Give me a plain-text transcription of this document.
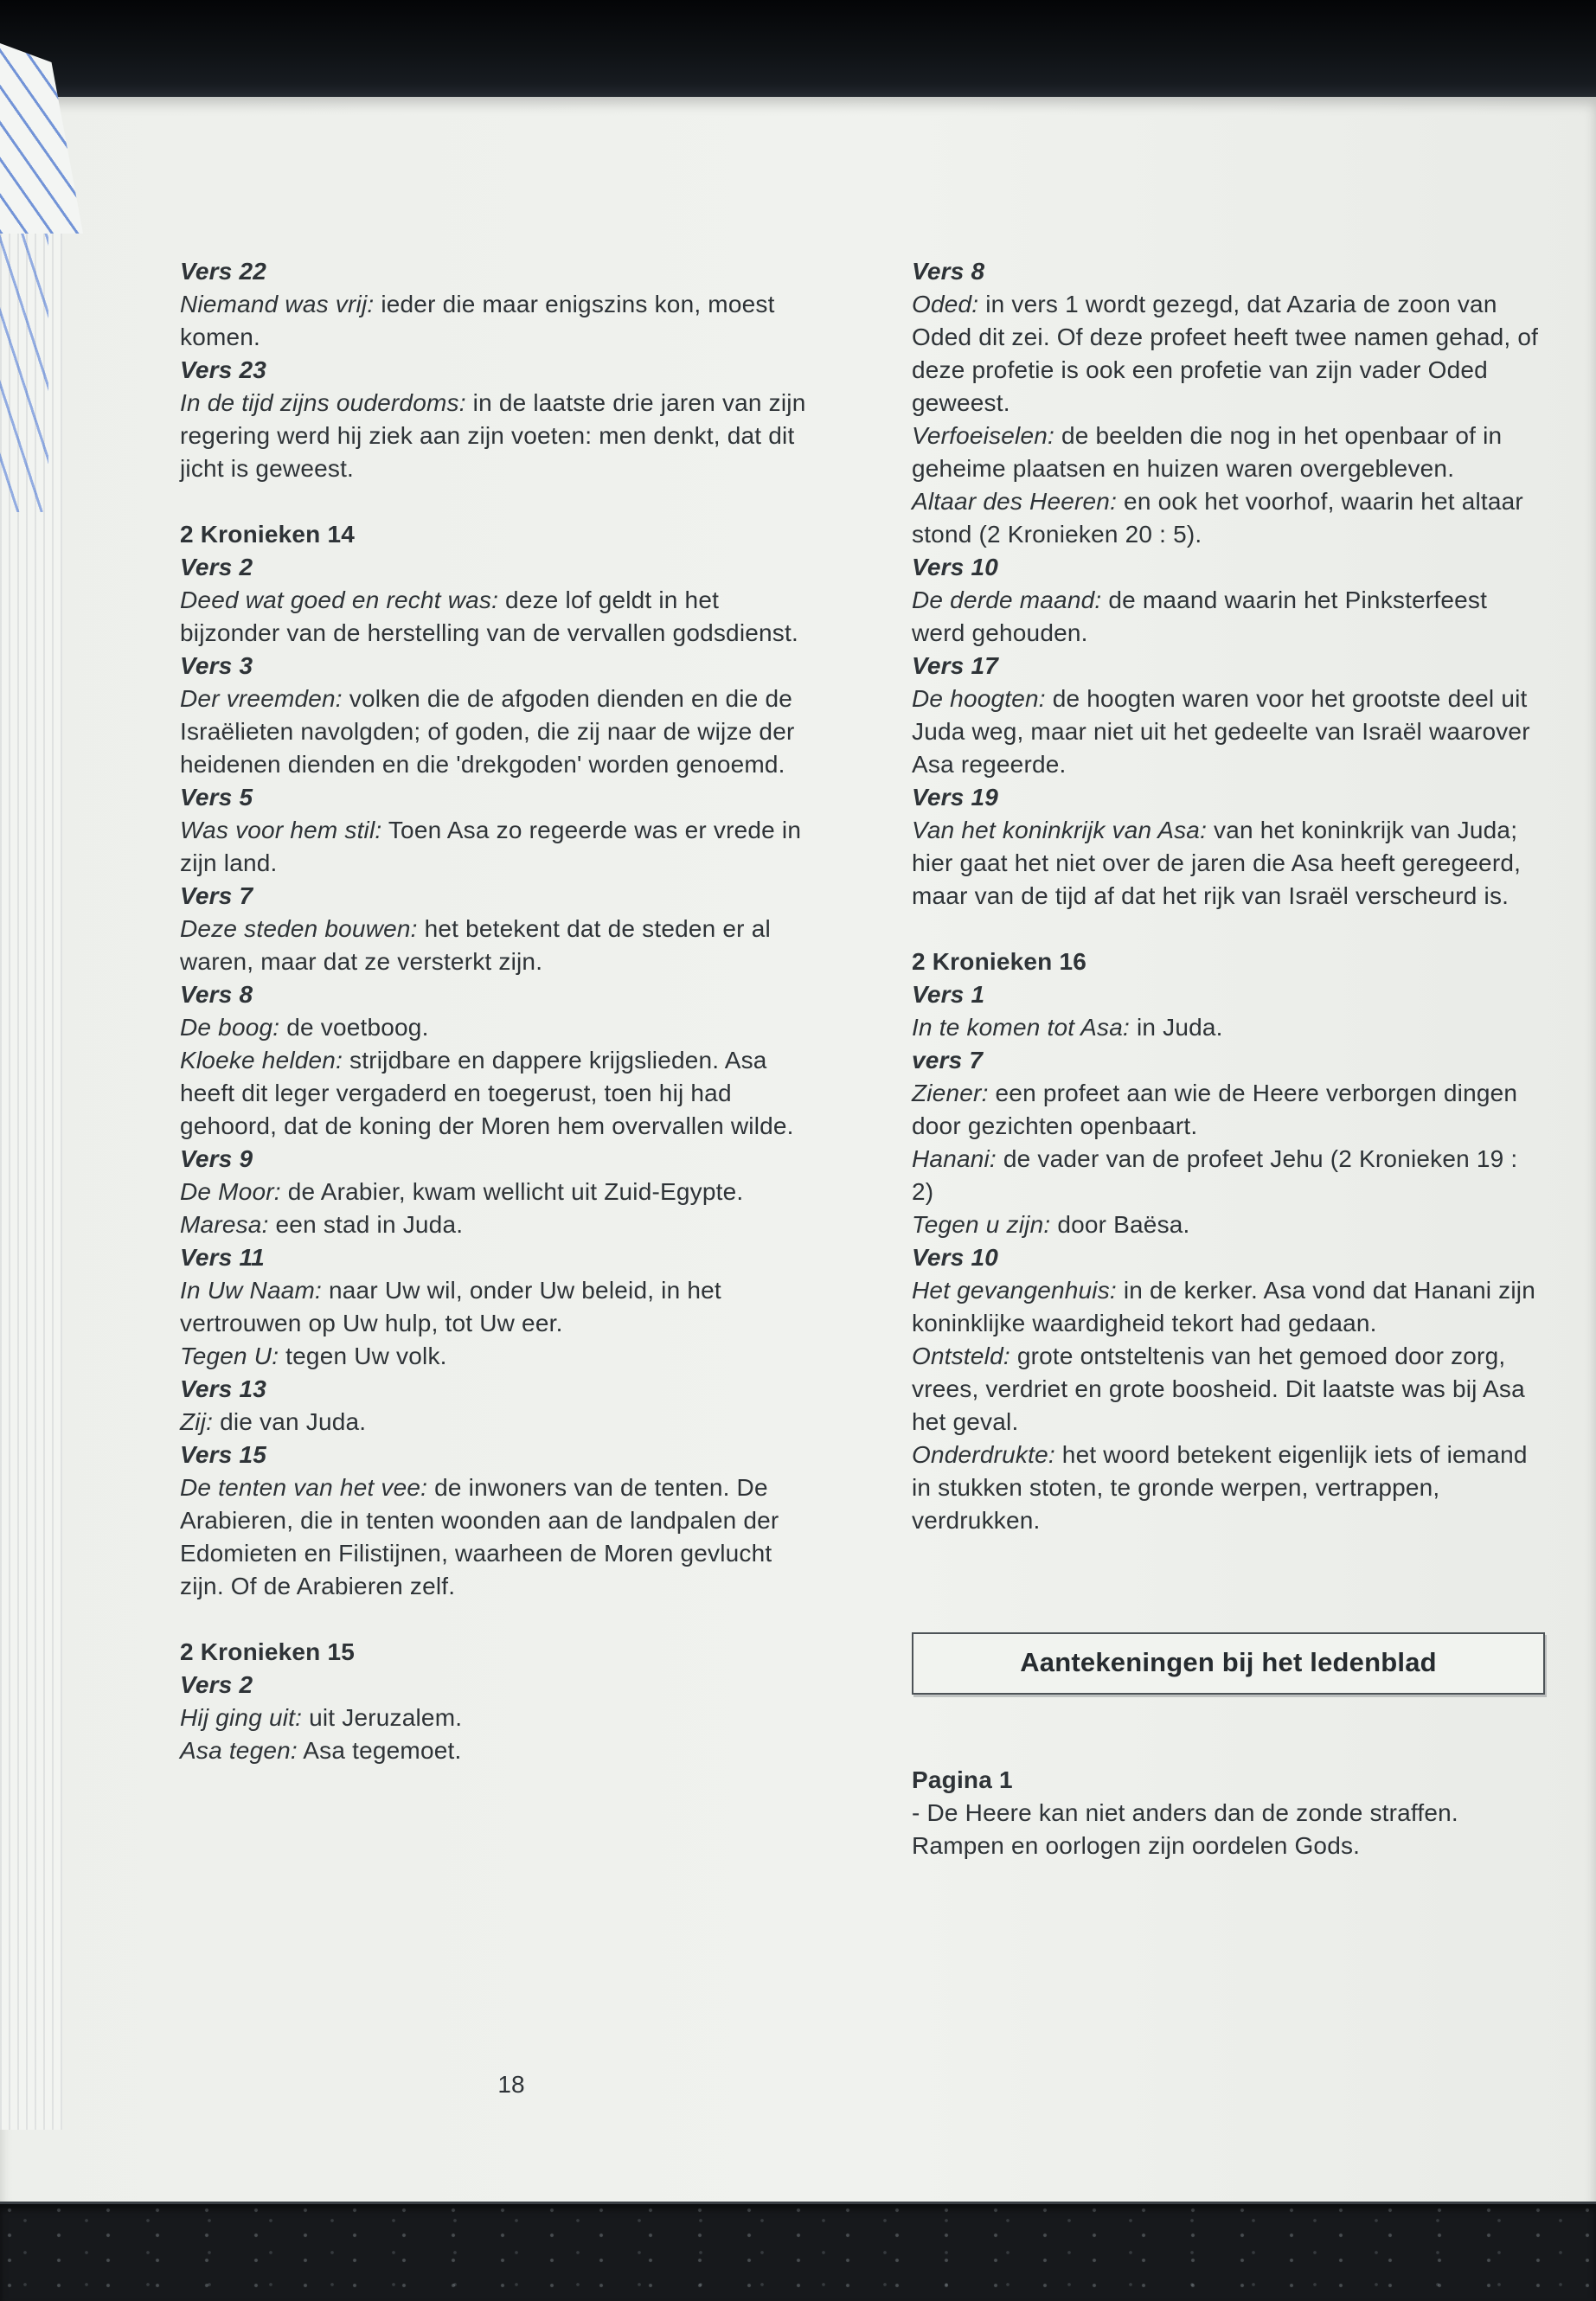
Vers 22

Niemand was vrij: ieder die maar enigszins kon, moest komen.

Vers 23

In de tijd zijns ouderdoms: in de laatste drie jaren van zijn regering werd hij ziek aan zijn voeten: men denkt, dat dit jicht is geweest.

2 Kronieken 14

Vers 2

Deed wat goed en recht was: deze lof geldt in het bijzonder van de herstelling van de vervallen godsdienst.

Vers 3

Der vreemden: volken die de afgoden dienden en die de Israëlieten navolgden; of goden, die zij naar de wijze der heidenen dienden en die 'drekgoden' worden genoemd.

Vers 5

Was voor hem stil: Toen Asa zo regeerde was er vrede in zijn land.

Vers 7

Deze steden bouwen: het betekent dat de steden er al waren, maar dat ze versterkt zijn.

Vers 8

De boog: de voetboog.

Kloeke helden: strijdbare en dappere krijgslieden. Asa heeft dit leger vergaderd en toegerust, toen hij had gehoord, dat de koning der Moren hem overvallen wilde.

Vers 9

De Moor: de Arabier, kwam wellicht uit Zuid-Egypte.

Maresa: een stad in Juda.

Vers 11

In Uw Naam: naar Uw wil, onder Uw beleid, in het vertrouwen op Uw hulp, tot Uw eer.

Tegen U: tegen Uw volk.

Vers 13

Zij: die van Juda.

Vers 15

De tenten van het vee: de inwoners van de tenten. De Arabieren, die in tenten woonden aan de landpalen der Edomieten en Filistijnen, waarheen de Moren gevlucht zijn. Of de Arabieren zelf.

2 Kronieken 15

Vers 2

Hij ging uit: uit Jeruzalem.

Asa tegen: Asa tegemoet.

Vers 8

Oded: in vers 1 wordt gezegd, dat Azaria de zoon van Oded dit zei. Of deze profeet heeft twee namen gehad, of deze profetie is ook een profetie van zijn vader Oded geweest.

Verfoeiselen: de beelden die nog in het openbaar of in geheime plaatsen en huizen waren overgebleven.

Altaar des Heeren: en ook het voorhof, waarin het altaar stond (2 Kronieken 20 : 5).

Vers 10

De derde maand: de maand waarin het Pinksterfeest werd gehouden.

Vers 17

De hoogten: de hoogten waren voor het grootste deel uit Juda weg, maar niet uit het gedeelte van Israël waarover Asa regeerde.

Vers 19

Van het koninkrijk van Asa: van het koninkrijk van Juda; hier gaat het niet over de jaren die Asa heeft geregeerd, maar van de tijd af dat het rijk van Israël verscheurd is.

2 Kronieken 16

Vers 1

In te komen tot Asa: in Juda.

vers 7

Ziener: een profeet aan wie de Heere verborgen dingen door gezichten openbaart.

Hanani: de vader van de profeet Jehu (2 Kronieken 19 : 2)

Tegen u zijn: door Baësa.

Vers 10

Het gevangenhuis: in de kerker. Asa vond dat Hanani zijn koninklijke waardigheid tekort had gedaan.

Ontsteld: grote ontsteltenis van het gemoed door zorg, vrees, verdriet en grote boosheid. Dit laatste was bij Asa het geval.

Onderdrukte: het woord betekent eigenlijk iets of iemand in stukken stoten, te gronde werpen, vertrappen, verdrukken.

Aantekeningen bij het ledenblad

Pagina 1

- De Heere kan niet anders dan de zonde straffen. Rampen en oorlogen zijn oordelen Gods.

18
